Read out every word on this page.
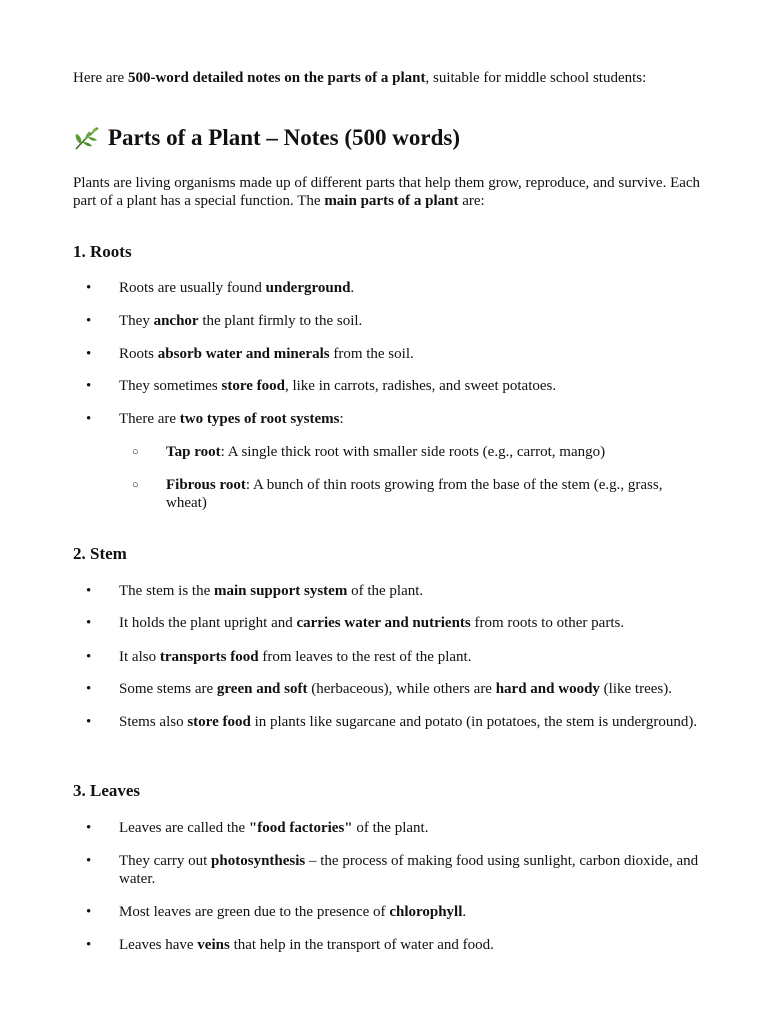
Here are 500-word detailed notes on the parts of a plant, suitable for middle school students:

Parts of a Plant – Notes (500 words)

Plants are living organisms made up of different parts that help them grow, reproduce, and survive. Each part of a plant has a special function. The main parts of a plant are:

1. Roots
• Roots are usually found underground.
• They anchor the plant firmly to the soil.
• Roots absorb water and minerals from the soil.
• They sometimes store food, like in carrots, radishes, and sweet potatoes.
• There are two types of root systems:
○ Tap root: A single thick root with smaller side roots (e.g., carrot, mango)
○ Fibrous root: A bunch of thin roots growing from the base of the stem (e.g., grass, wheat)
2. Stem
• The stem is the main support system of the plant.
• It holds the plant upright and carries water and nutrients from roots to other parts.
• It also transports food from leaves to the rest of the plant.
• Some stems are green and soft (herbaceous), while others are hard and woody (like trees).
• Stems also store food in plants like sugarcane and potato (in potatoes, the stem is underground).
3. Leaves
• Leaves are called the "food factories" of the plant.
• They carry out photosynthesis – the process of making food using sunlight, carbon dioxide, and water.
• Most leaves are green due to the presence of chlorophyll.
• Leaves have veins that help in the transport of water and food.
